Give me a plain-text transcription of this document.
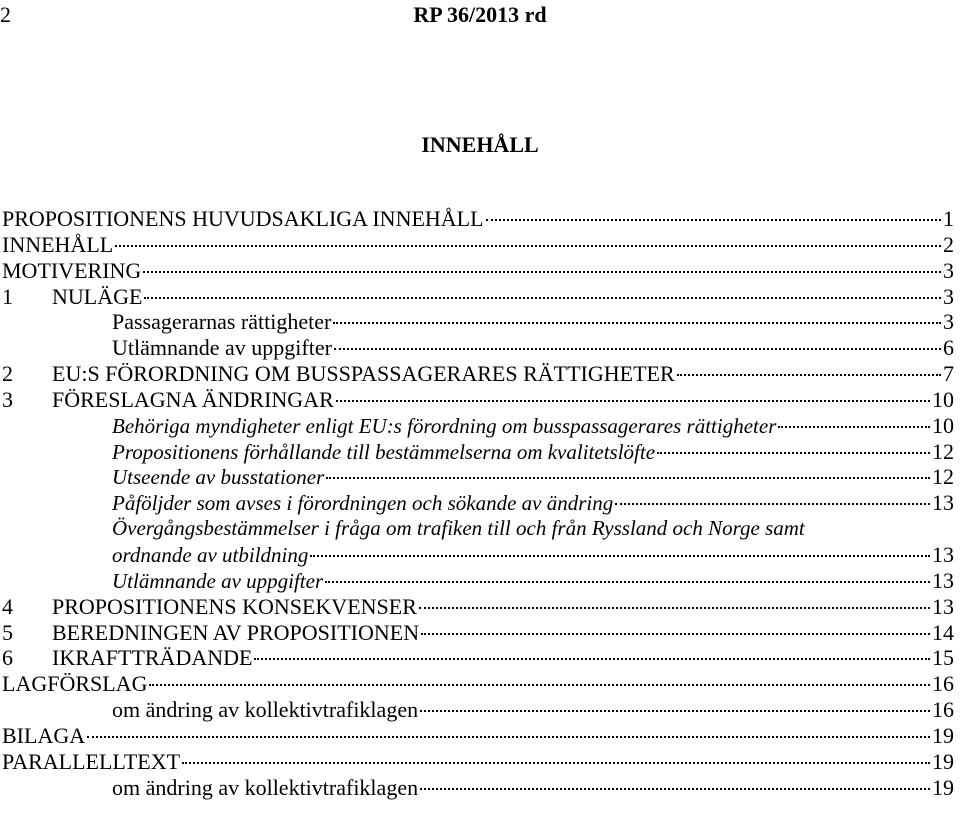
2	RP 36/2013 rd
INNEHÅLL
PROPOSITIONENS HUVUDSAKLIGA INNEHÅLL	1
INNEHÅLL	2
MOTIVERING	3
1	NULÄGE	3
Passagerarnas rättigheter	3
Utlämnande av uppgifter	6
2	EU:S FÖRORDNING OM BUSSPASSAGERARES RÄTTIGHETER	7
3	FÖRESLAGNA ÄNDRINGAR	10
Behöriga myndigheter enligt EU:s förordning om busspassagerares rättigheter	10
Propositionens förhållande till bestämmelserna om kvalitetslöfte	12
Utseende av busstationer	12
Påföljder som avses i förordningen och sökande av ändring	13
Övergångsbestämmelser i fråga om trafiken till och från Ryssland och Norge samt
ordnande av utbildning	13
Utlämnande av uppgifter	13
4	PROPOSITIONENS KONSEKVENSER	13
5	BEREDNINGEN AV PROPOSITIONEN	14
6	IKRAFTTRÄDANDE	15
LAGFÖRSLAG	16
om ändring av kollektivtrafiklagen	16
BILAGA	19
PARALLELLTEXT	19
om ändring av kollektivtrafiklagen	19
